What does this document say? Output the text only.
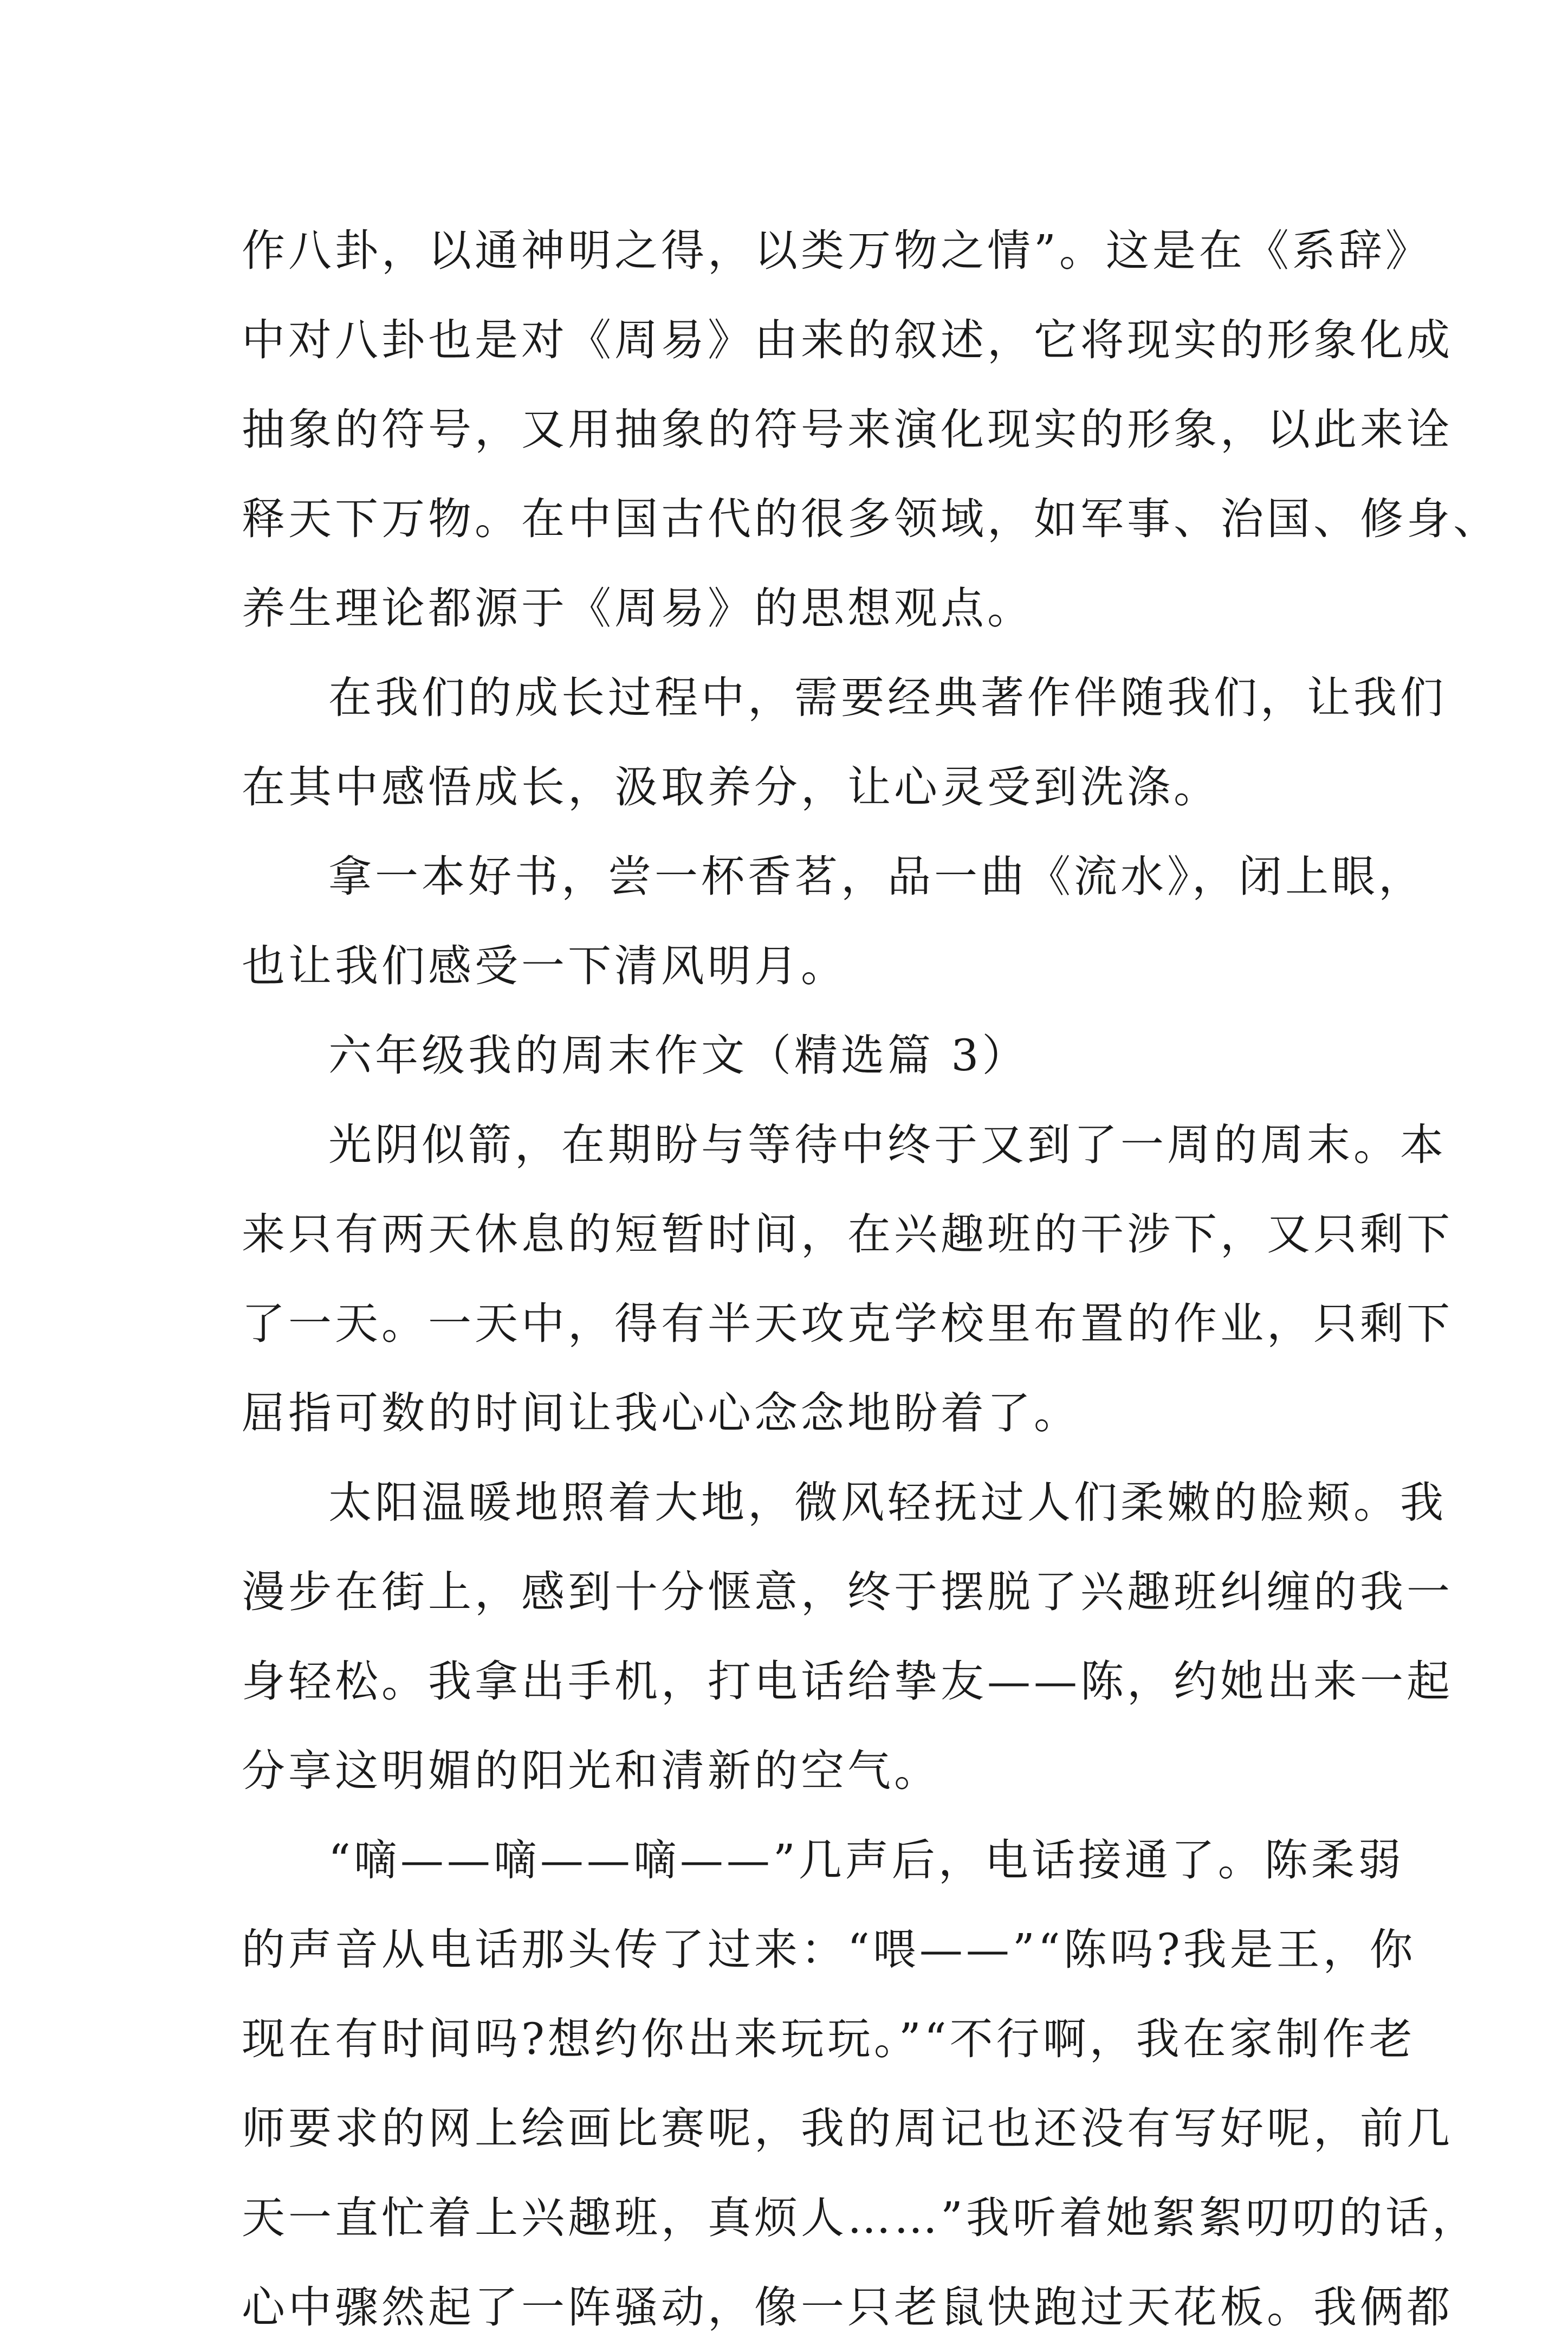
作八卦，以通神明之得，以类万物之情”。这是在《系辞》
中对八卦也是对《周易》由来的叙述，它将现实的形象化成
抽象的符号，又用抽象的符号来演化现实的形象，以此来诠
释天下万物。在中国古代的很多领域，如军事、治国、修身、
养生理论都源于《周易》的思想观点。
在我们的成长过程中，需要经典著作伴随我们，让我们
在其中感悟成长，汲取养分，让心灵受到洗涤。
拿一本好书，尝一杯香茗，品一曲《流水》，闭上眼，
也让我们感受一下清风明月。
六年级我的周末作文（精选篇 3）
光阴似箭，在期盼与等待中终于又到了一周的周末。本
来只有两天休息的短暂时间，在兴趣班的干涉下，又只剩下
了一天。一天中，得有半天攻克学校里布置的作业，只剩下
屈指可数的时间让我心心念念地盼着了。
太阳温暖地照着大地，微风轻抚过人们柔嫩的脸颊。我
漫步在街上，感到十分惬意，终于摆脱了兴趣班纠缠的我一
身轻松。我拿出手机，打电话给挚友——陈，约她出来一起
分享这明媚的阳光和清新的空气。
“嘀——嘀——嘀——”几声后，电话接通了。陈柔弱
的声音从电话那头传了过来：“喂——”“陈吗?我是王，你
现在有时间吗?想约你出来玩玩。”“不行啊，我在家制作老
师要求的网上绘画比赛呢，我的周记也还没有写好呢，前几
天一直忙着上兴趣班，真烦人……”我听着她絮絮叨叨的话，
心中骤然起了一阵骚动，像一只老鼠快跑过天花板。我俩都
